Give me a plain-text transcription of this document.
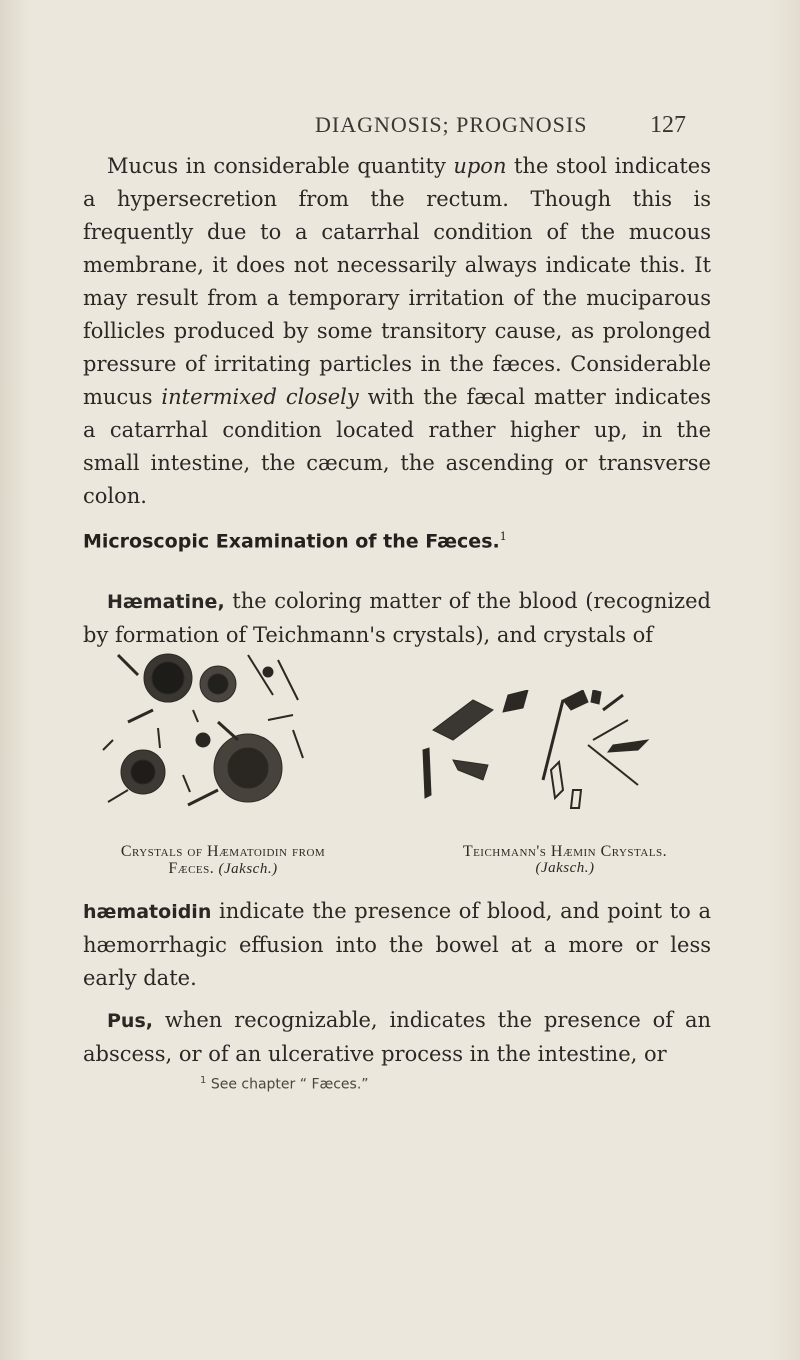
DIAGNOSIS; PROGNOSIS	127

Mucus in considerable quantity upon the stool indicates a hypersecretion from the rectum. Though this is frequently due to a catarrhal condition of the mucous membrane, it does not necessarily always indicate this. It may result from a temporary irritation of the muciparous follicles produced by some transitory cause, as prolonged pressure of irritating particles in the fæces. Considerable mucus intermixed closely with the fæcal matter indicates a catarrhal condition located rather higher up, in the small intestine, the cæcum, the ascending or transverse colon.

Microscopic Examination of the Fæces.$^1$

Hæmatine, the coloring matter of the blood (recognized by formation of Teichmann's crystals), and crystals of

Crystals of Hæmatoidin from
Fæces. (Jaksch.)
Teichmann's Hæmin Crystals.
(Jaksch.)

hæmatoidin indicate the presence of blood, and point to a hæmorrhagic effusion into the bowel at a more or less early date.

Pus, when recognizable, indicates the presence of an abscess, or of an ulcerative process in the intestine, or

$^1$ See chapter “ Fæces.”
